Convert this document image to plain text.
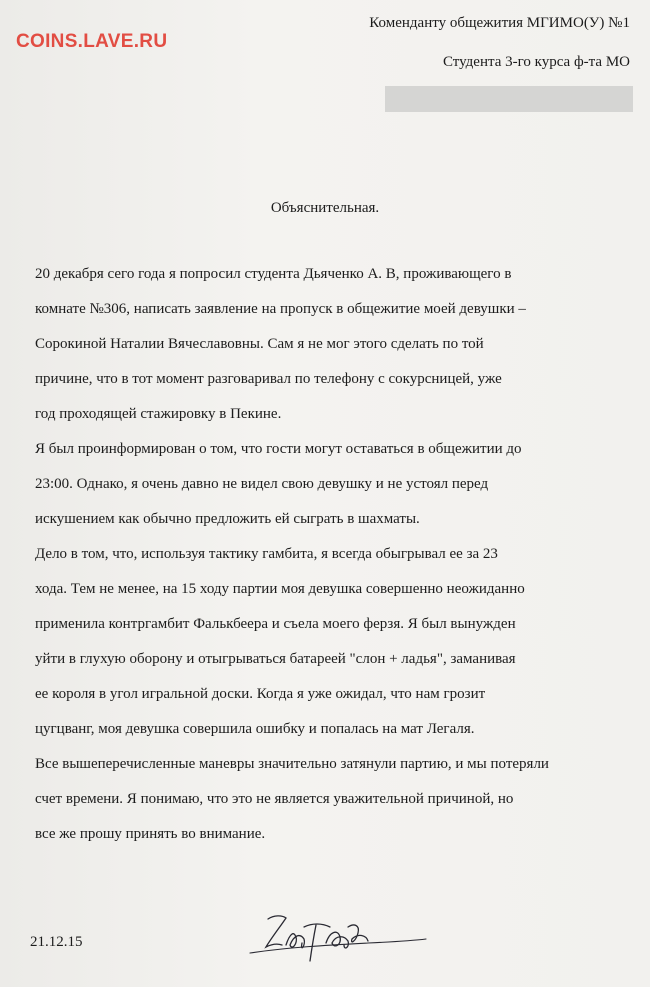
COINS.LAVE.RU
Коменданту общежития МГИМО(У) №1
Студента 3-го курса ф-та МО
Объяснительная.
20 декабря сего года я попросил студента Дьяченко А. В, проживающего в
комнате №306, написать заявление на пропуск в общежитие моей девушки –
Сорокиной Наталии Вячеславовны. Сам я не мог этого сделать по той
причине, что в тот момент разговаривал по телефону с сокурсницей, уже
год проходящей стажировку в Пекине.
Я был проинформирован о том, что гости могут оставаться в общежитии до
23:00. Однако, я очень давно не видел свою девушку и не устоял перед
искушением как обычно предложить ей сыграть в шахматы.
Дело в том, что, используя тактику гамбита, я всегда обыгрывал ее за 23
хода. Тем не менее, на 15 ходу партии моя девушка совершенно неожиданно
применила контргамбит Фалькбеера и съела моего ферзя. Я был вынужден
уйти в глухую оборону и отыгрываться батареей "слон + ладья", заманивая
ее короля в угол игральной доски. Когда я уже ожидал, что нам грозит
цугцванг, моя девушка совершила ошибку и попалась на мат Легаля.
Все вышеперечисленные маневры значительно затянули партию, и мы потеряли
счет времени. Я понимаю, что это не является уважительной причиной, но
все же прошу принять во внимание.
21.12.15
